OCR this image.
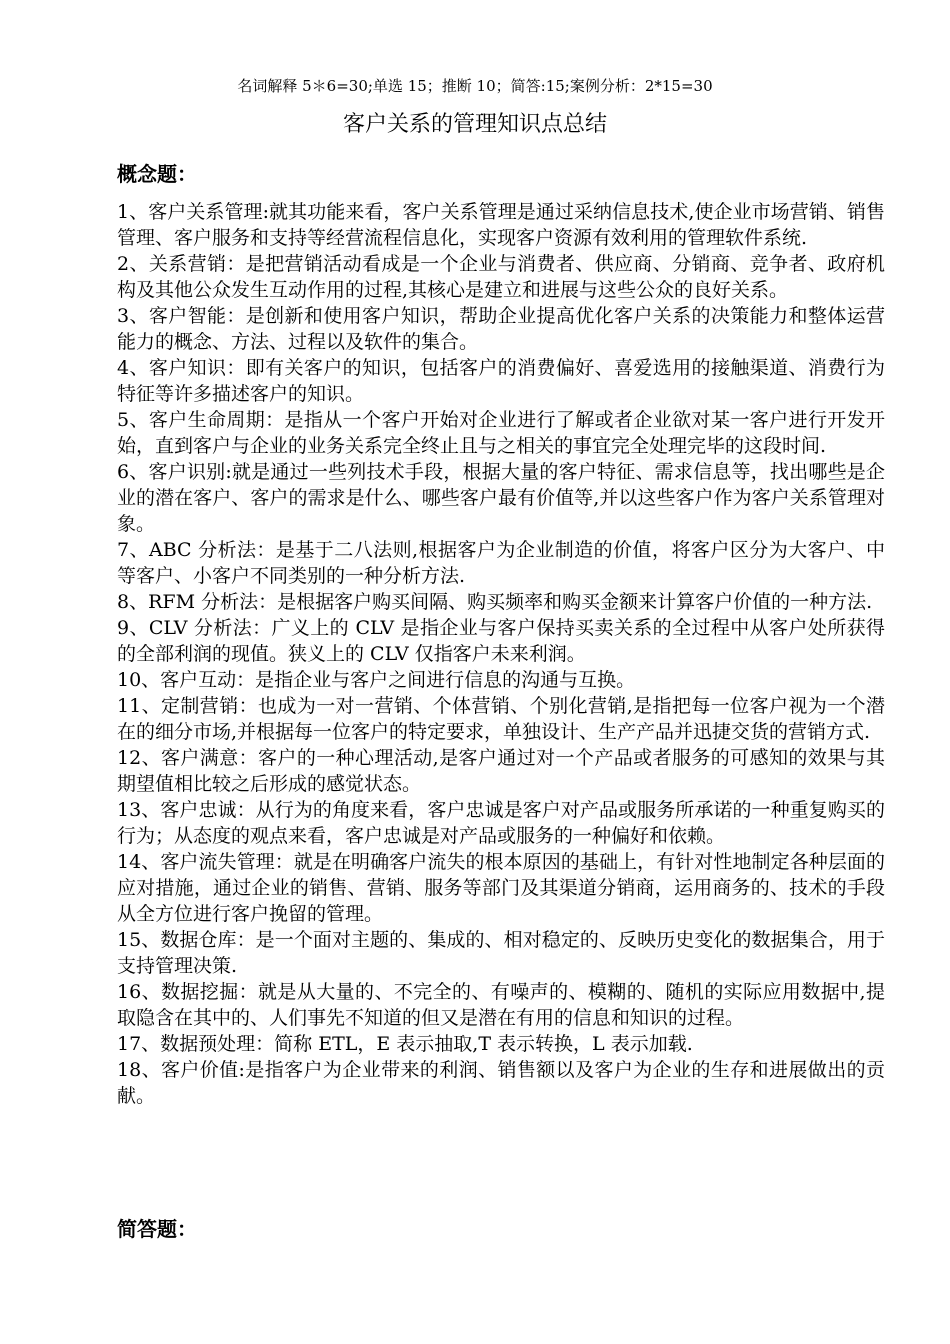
名词解释 5＊6=30;单选 15；推断 10；简答:15;案例分析：2*15=30
客户关系的管理知识点总结
概念题：

1、客户关系管理:就其功能来看，客户关系管理是通过采纳信息技术,使企业市场营销、销售管理、客户服务和支持等经营流程信息化，实现客户资源有效利用的管理软件系统.

2、关系营销：是把营销活动看成是一个企业与消费者、供应商、分销商、竞争者、政府机构及其他公众发生互动作用的过程,其核心是建立和进展与这些公众的良好关系。

3、客户智能：是创新和使用客户知识，帮助企业提高优化客户关系的决策能力和整体运营能力的概念、方法、过程以及软件的集合。

4、客户知识：即有关客户的知识，包括客户的消费偏好、喜爱选用的接触渠道、消费行为特征等许多描述客户的知识。

5、客户生命周期：是指从一个客户开始对企业进行了解或者企业欲对某一客户进行开发开始，直到客户与企业的业务关系完全终止且与之相关的事宜完全处理完毕的这段时间.

6、客户识别:就是通过一些列技术手段，根据大量的客户特征、需求信息等，找出哪些是企业的潜在客户、客户的需求是什么、哪些客户最有价值等,并以这些客户作为客户关系管理对象。

7、ABC 分析法：是基于二八法则,根据客户为企业制造的价值，将客户区分为大客户、中等客户、小客户不同类别的一种分析方法.

8、RFM 分析法：是根据客户购买间隔、购买频率和购买金额来计算客户价值的一种方法.

9、CLV 分析法：广义上的 CLV 是指企业与客户保持买卖关系的全过程中从客户处所获得的全部利润的现值。狭义上的 CLV 仅指客户未来利润。

10、客户互动：是指企业与客户之间进行信息的沟通与互换。

11、定制营销：也成为一对一营销、个体营销、个别化营销,是指把每一位客户视为一个潜在的细分市场,并根据每一位客户的特定要求，单独设计、生产产品并迅捷交货的营销方式.

12、客户满意：客户的一种心理活动,是客户通过对一个产品或者服务的可感知的效果与其期望值相比较之后形成的感觉状态。

13、客户忠诚：从行为的角度来看，客户忠诚是客户对产品或服务所承诺的一种重复购买的行为；从态度的观点来看，客户忠诚是对产品或服务的一种偏好和依赖。

14、客户流失管理：就是在明确客户流失的根本原因的基础上，有针对性地制定各种层面的应对措施，通过企业的销售、营销、服务等部门及其渠道分销商，运用商务的、技术的手段从全方位进行客户挽留的管理。

15、数据仓库：是一个面对主题的、集成的、相对稳定的、反映历史变化的数据集合，用于支持管理决策.

16、数据挖掘：就是从大量的、不完全的、有噪声的、模糊的、随机的实际应用数据中,提取隐含在其中的、人们事先不知道的但又是潜在有用的信息和知识的过程。

17、数据预处理：简称 ETL，E 表示抽取,T 表示转换，L 表示加载.

18、客户价值:是指客户为企业带来的利润、销售额以及客户为企业的生存和进展做出的贡献。

简答题：
